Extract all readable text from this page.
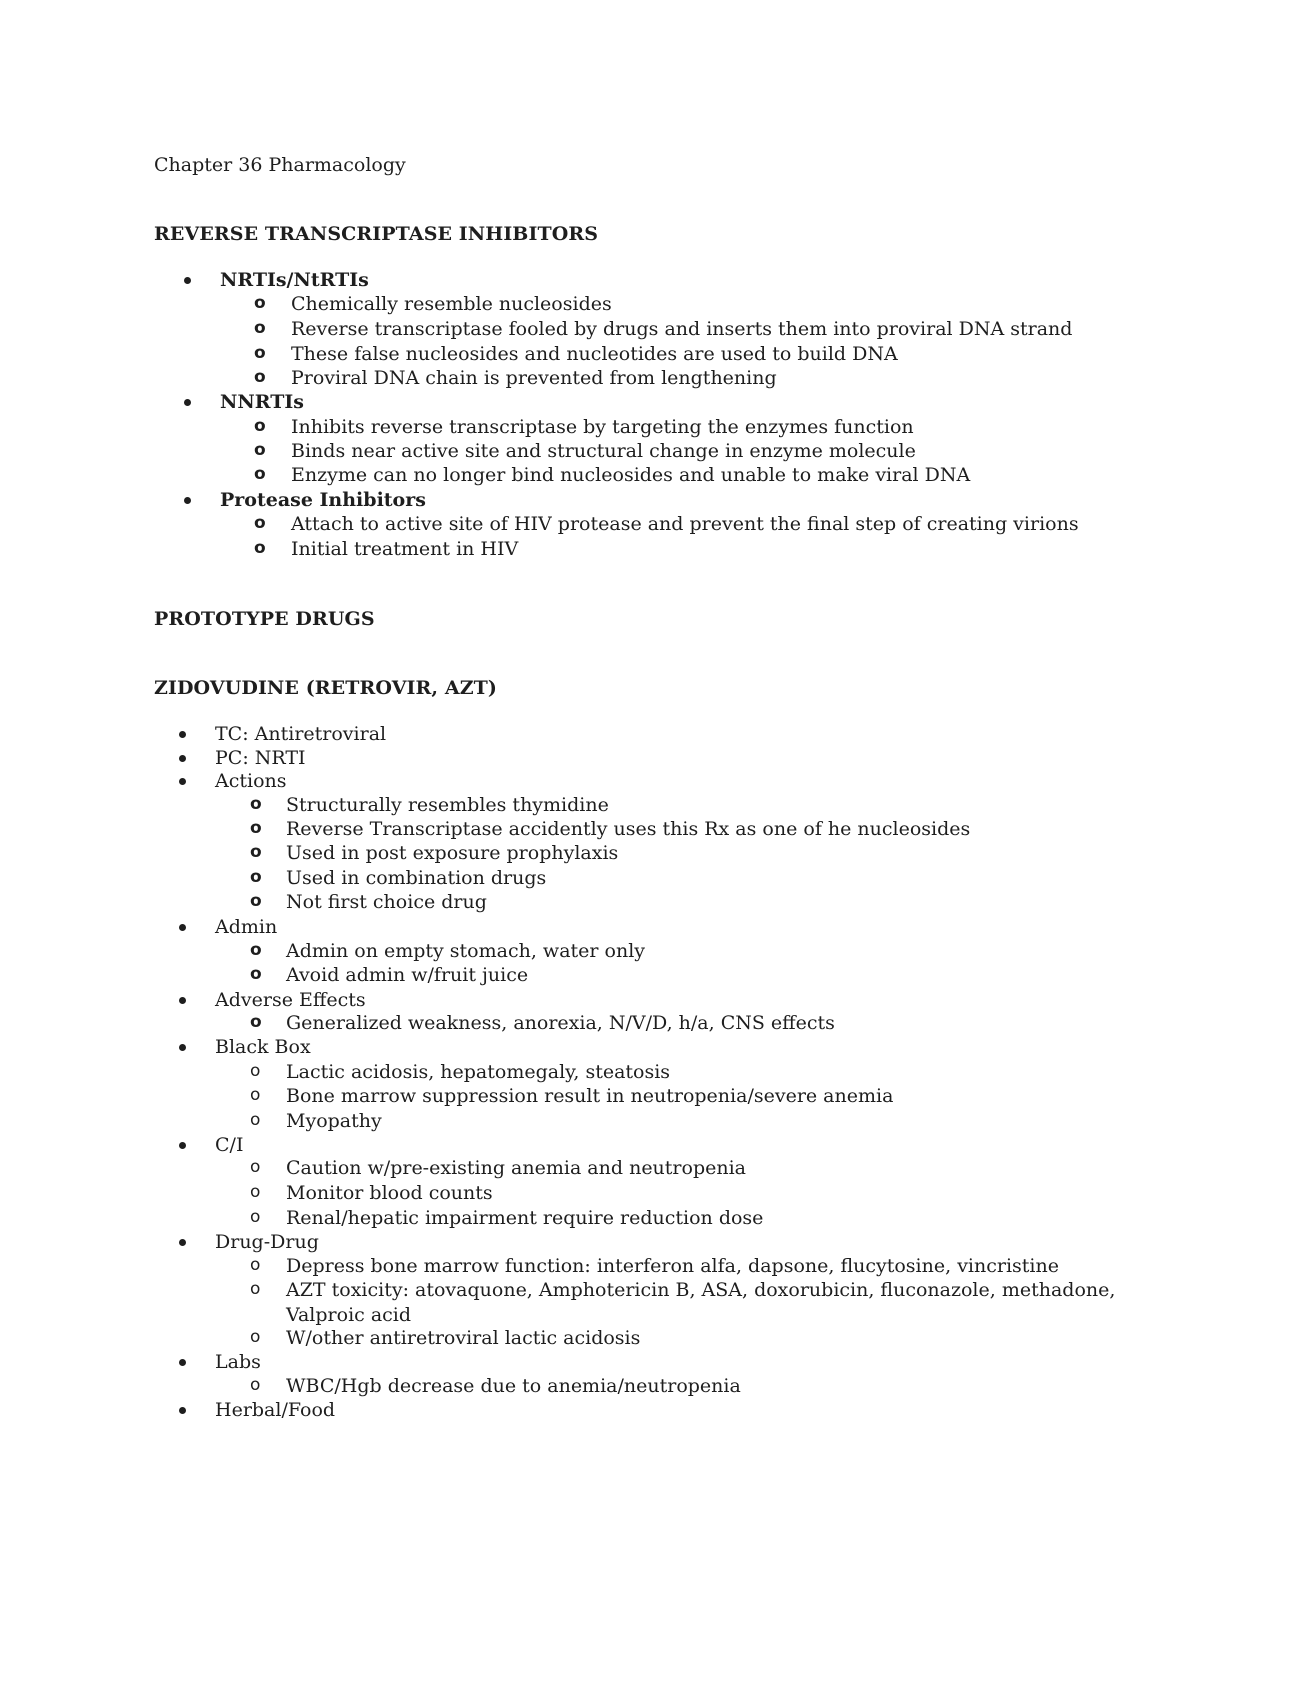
Chapter 36 Pharmacology
REVERSE TRANSCRIPTASE INHIBITORS
NRTIs/NtRTIs
o Chemically resemble nucleosides
o Reverse transcriptase fooled by drugs and inserts them into proviral DNA strand
o These false nucleosides and nucleotides are used to build DNA
o Proviral DNA chain is prevented from lengthening
NNRTIs
o Inhibits reverse transcriptase by targeting the enzymes function
o Binds near active site and structural change in enzyme molecule
o Enzyme can no longer bind nucleosides and unable to make viral DNA
Protease Inhibitors
o Attach to active site of HIV protease and prevent the final step of creating virions
o Initial treatment in HIV
PROTOTYPE DRUGS
ZIDOVUDINE (RETROVIR, AZT)
TC: Antiretroviral
PC: NRTI
Actions
o Structurally resembles thymidine
o Reverse Transcriptase accidently uses this Rx as one of he nucleosides
o Used in post exposure prophylaxis
o Used in combination drugs
o Not first choice drug
Admin
o Admin on empty stomach, water only
o Avoid admin w/fruit juice
Adverse Effects
o Generalized weakness, anorexia, N/V/D, h/a, CNS effects
Black Box
o Lactic acidosis, hepatomegaly, steatosis
o Bone marrow suppression result in neutropenia/severe anemia
o Myopathy
C/I
o Caution w/pre-existing anemia and neutropenia
o Monitor blood counts
o Renal/hepatic impairment require reduction dose
Drug-Drug
o Depress bone marrow function: interferon alfa, dapsone, flucytosine, vincristine
o AZT toxicity: atovaquone, Amphotericin B, ASA, doxorubicin, fluconazole, methadone,
Valproic acid
o W/other antiretroviral lactic acidosis
Labs
o WBC/Hgb decrease due to anemia/neutropenia
Herbal/Food
